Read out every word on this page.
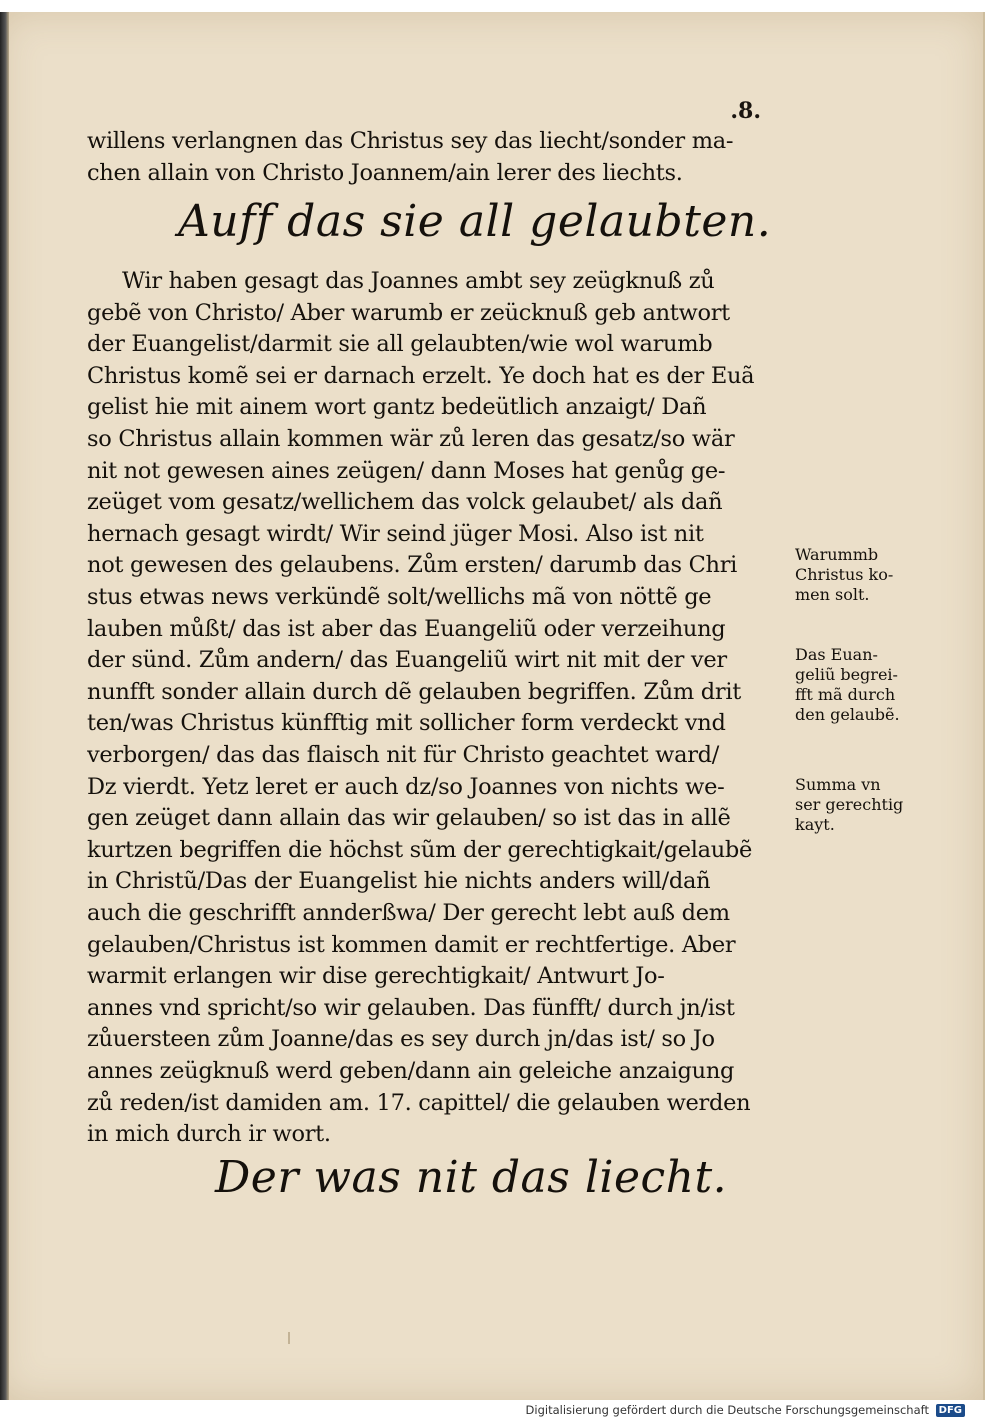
.8.
willens verlangnen das Christus sey das liecht/sonder ma‑
chen allain von Christo Joannem/ain lerer des liechts.
Auff das sie all gelaubten.
Wir haben gesagt das Joannes ambt sey zeügknuß zů
gebẽ von Christo/ Aber warumb er zeücknuß geb antwort
der Euangelist/darmit sie all gelaubten/wie wol warumb
Christus komẽ sei er darnach erzelt. Ye doch hat es der Euã
gelist hie mit ainem wort gantz bedeütlich anzaigt/ Dañ
so Christus allain kommen wär zů leren das gesatz/so wär
nit not gewesen aines zeügen/ dann Moses hat genůg ge‑
zeüget vom gesatz/wellichem das volck gelaubet/ als dañ
hernach gesagt wirdt/ Wir seind jüger Mosi. Also ist nit
not gewesen des gelaubens. Zům ersten/ darumb das Chri
stus etwas news verkündẽ solt/wellichs mã von nöttẽ ge
lauben můßt/ das ist aber das Euangeliũ oder verzeihung
der sünd. Zům andern/ das Euangeliũ wirt nit mit der ver
nunfft sonder allain durch dẽ gelauben begriffen. Zům drit
ten/was Christus künfftig mit sollicher form verdeckt vnd
verborgen/ das das flaisch nit für Christo geachtet ward/
Dz vierdt. Yetz leret er auch dz/so Joannes von nichts we‑
gen zeüget dann allain das wir gelauben/ so ist das in allẽ
kurtzen begriffen die höchst sũm der gerechtigkait/gelaubẽ
in Christũ/Das der Euangelist hie nichts anders will/dañ
auch die geschrifft annderßwa/ Der gerecht lebt auß dem
gelauben/Christus ist kommen damit er rechtfertige. Aber
warmit erlangen wir dise gerechtigkait/ Antwurt Jo‑
annes vnd spricht/so wir gelauben. Das fünfft/ durch jn/ist
zůuersteen zům Joanne/das es sey durch jn/das ist/ so Jo
annes zeügknuß werd geben/dann ain geleiche anzaigung
zů reden/ist damiden am. 17. capittel/ die gelauben werden
in mich durch ir wort.
Der was nit das liecht.
Warummb
Christus ko‑
men solt.
Das Euan‑
geliũ begrei‑
fft mã durch
den gelaubẽ.
Summa vn
ser gerechtig
kayt.
Digitalisierung gefördert durch die Deutsche Forschungsgemeinschaft DFG
